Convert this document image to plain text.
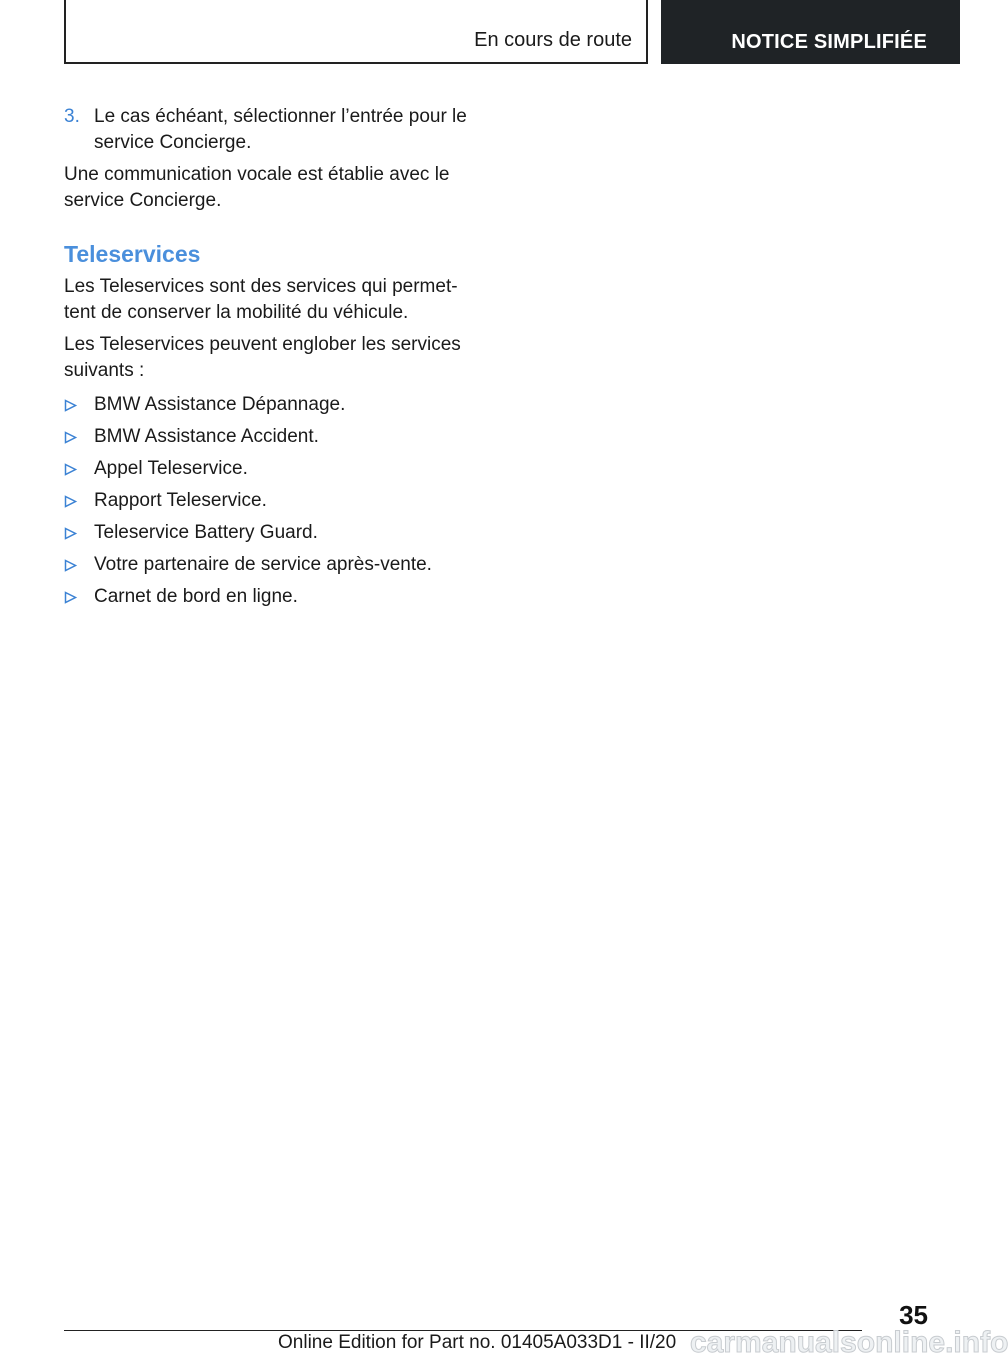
En cours de route	NOTICE SIMPLIFIÉE
3. Le cas échéant, sélectionner l’entrée pour le
service Concierge.

Une communication vocale est établie avec le
service Concierge.

Teleservices

Les Teleservices sont des services qui permet-
tent de conserver la mobilité du véhicule.

Les Teleservices peuvent englober les services
suivants :

BMW Assistance Dépannage.
BMW Assistance Accident.
Appel Teleservice.
Rapport Teleservice.
Teleservice Battery Guard.
Votre partenaire de service après-vente.
Carnet de bord en ligne.
35
Online Edition for Part no. 01405A033D1 - II/20 carmanualsonline.info
